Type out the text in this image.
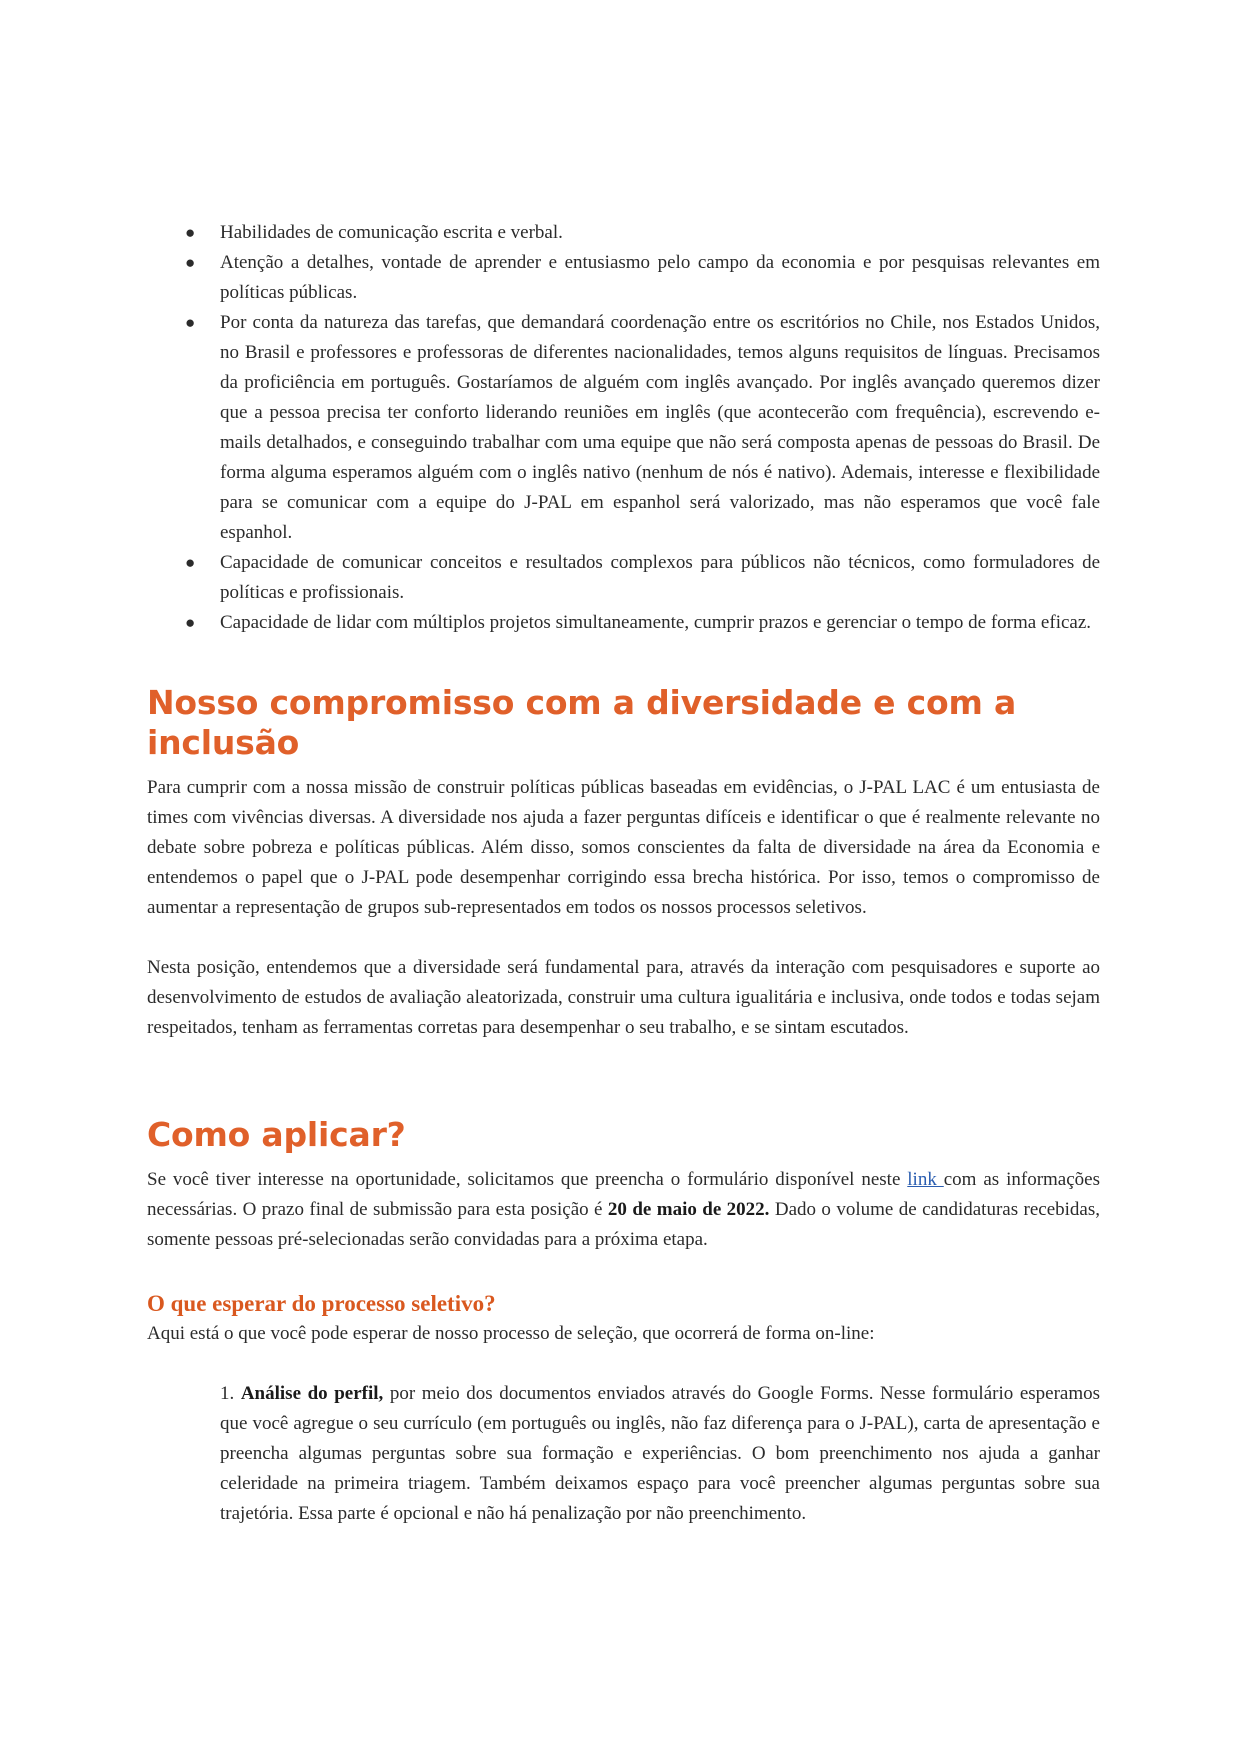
● Habilidades de comunicação escrita e verbal.
● Atenção a detalhes, vontade de aprender e entusiasmo pelo campo da economia e por pesquisas relevantes em políticas públicas.
● Por conta da natureza das tarefas, que demandará coordenação entre os escritórios no Chile, nos Estados Unidos, no Brasil e professores e professoras de diferentes nacionalidades, temos alguns requisitos de línguas. Precisamos da proficiência em português. Gostaríamos de alguém com inglês avançado. Por inglês avançado queremos dizer que a pessoa precisa ter conforto liderando reuniões em inglês (que acontecerão com frequência), escrevendo e-mails detalhados, e conseguindo trabalhar com uma equipe que não será composta apenas de pessoas do Brasil. De forma alguma esperamos alguém com o inglês nativo (nenhum de nós é nativo). Ademais, interesse e flexibilidade para se comunicar com a equipe do J-PAL em espanhol será valorizado, mas não esperamos que você fale espanhol.
● Capacidade de comunicar conceitos e resultados complexos para públicos não técnicos, como formuladores de políticas e profissionais.
● Capacidade de lidar com múltiplos projetos simultaneamente, cumprir prazos e gerenciar o tempo de forma eficaz.
Nosso compromisso com a diversidade e com a inclusão

Para cumprir com a nossa missão de construir políticas públicas baseadas em evidências, o J-PAL LAC é um entusiasta de times com vivências diversas. A diversidade nos ajuda a fazer perguntas difíceis e identificar o que é realmente relevante no debate sobre pobreza e políticas públicas. Além disso, somos conscientes da falta de diversidade na área da Economia e entendemos o papel que o J-PAL pode desempenhar corrigindo essa brecha histórica. Por isso, temos o compromisso de aumentar a representação de grupos sub-representados em todos os nossos processos seletivos.

Nesta posição, entendemos que a diversidade será fundamental para, através da interação com pesquisadores e suporte ao desenvolvimento de estudos de avaliação aleatorizada, construir uma cultura igualitária e inclusiva, onde todos e todas sejam respeitados, tenham as ferramentas corretas para desempenhar o seu trabalho, e se sintam escutados.

Como aplicar?

Se você tiver interesse na oportunidade, solicitamos que preencha o formulário disponível neste link com as informações necessárias. O prazo final de submissão para esta posição é 20 de maio de 2022. Dado o volume de candidaturas recebidas, somente pessoas pré-selecionadas serão convidadas para a próxima etapa.

O que esperar do processo seletivo?

Aqui está o que você pode esperar de nosso processo de seleção, que ocorrerá de forma on-line:

1. Análise do perfil, por meio dos documentos enviados através do Google Forms. Nesse formulário esperamos que você agregue o seu currículo (em português ou inglês, não faz diferença para o J-PAL), carta de apresentação e preencha algumas perguntas sobre sua formação e experiências. O bom preenchimento nos ajuda a ganhar celeridade na primeira triagem. Também deixamos espaço para você preencher algumas perguntas sobre sua trajetória. Essa parte é opcional e não há penalização por não preenchimento.
